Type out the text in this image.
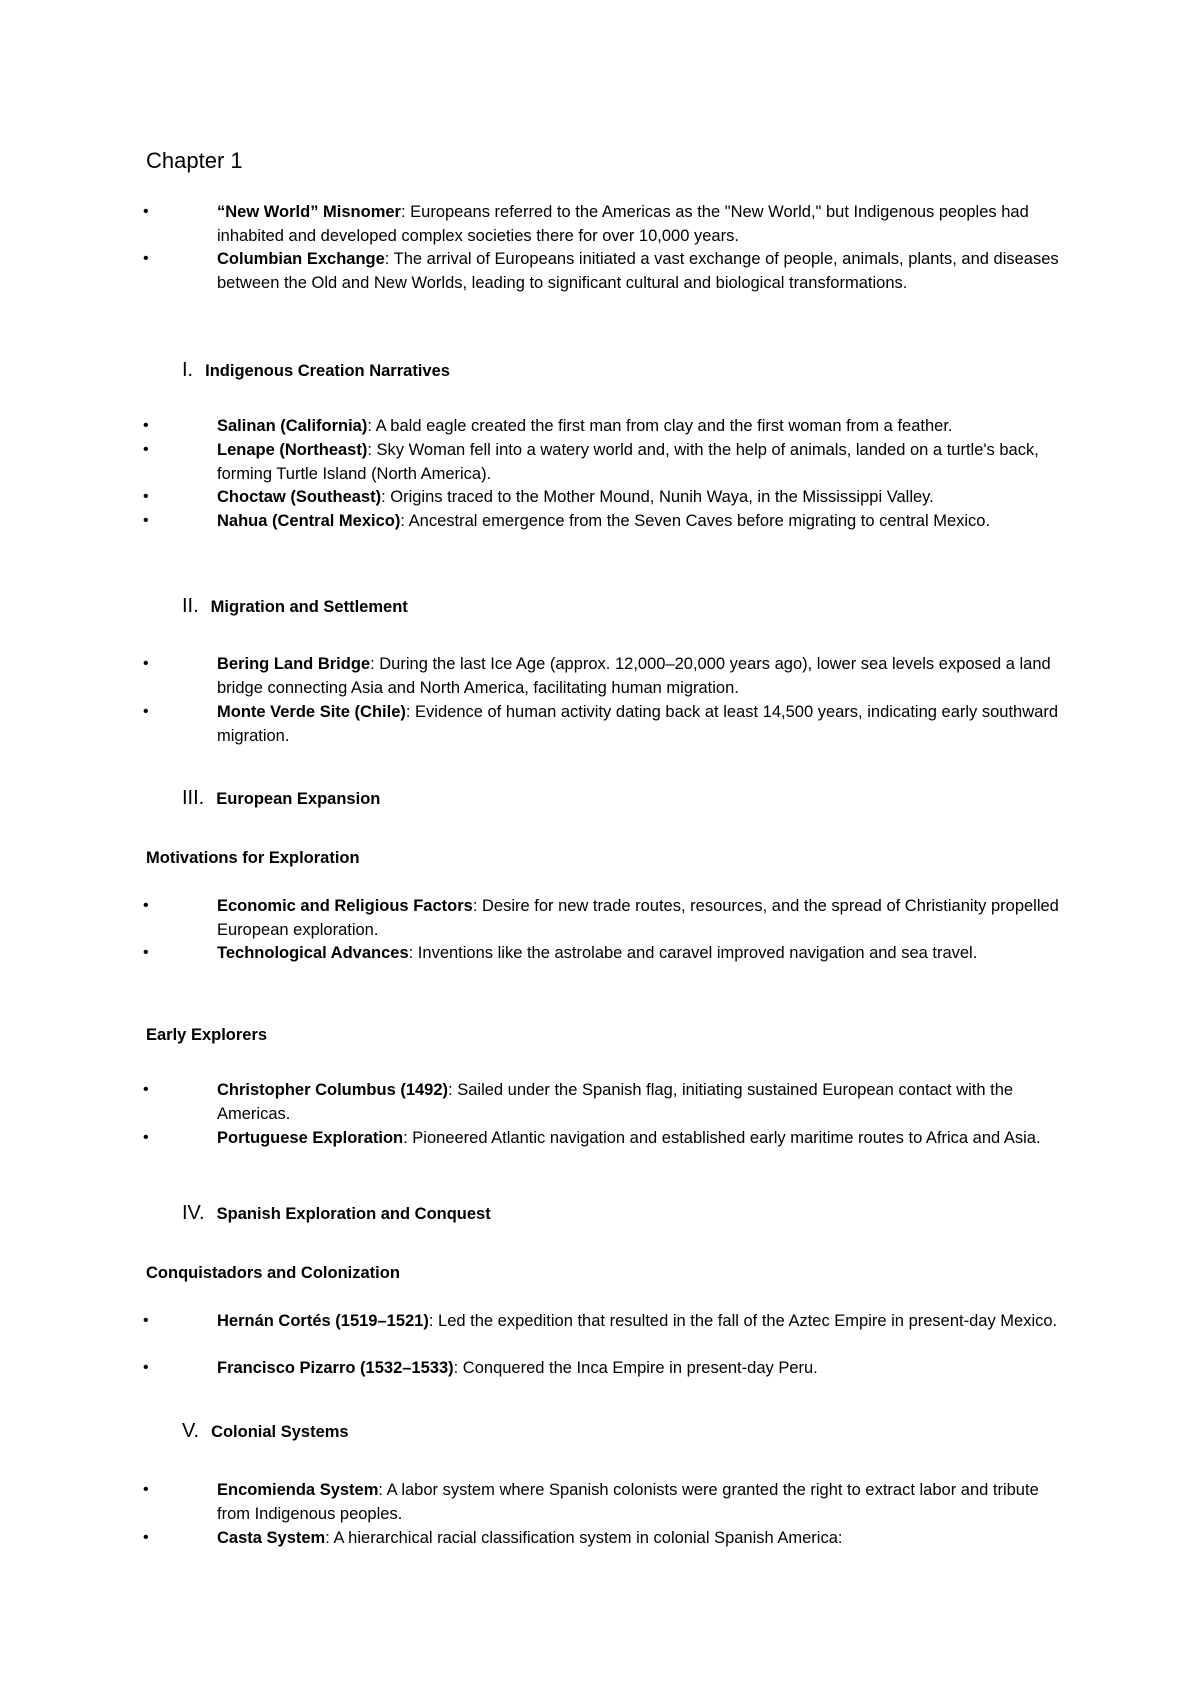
Chapter 1
•	“New World” Misnomer: Europeans referred to the Americas as the "New World," but Indigenous peoples had inhabited and developed complex societies there for over 10,000 years.
•	Columbian Exchange: The arrival of Europeans initiated a vast exchange of people, animals, plants, and diseases between the Old and New Worlds, leading to significant cultural and biological transformations.
I. Indigenous Creation Narratives
•	Salinan (California): A bald eagle created the first man from clay and the first woman from a feather.
•	Lenape (Northeast): Sky Woman fell into a watery world and, with the help of animals, landed on a turtle's back, forming Turtle Island (North America).
•	Choctaw (Southeast): Origins traced to the Mother Mound, Nunih Waya, in the Mississippi Valley.
•	Nahua (Central Mexico): Ancestral emergence from the Seven Caves before migrating to central Mexico.
II. Migration and Settlement
•	Bering Land Bridge: During the last Ice Age (approx. 12,000–20,000 years ago), lower sea levels exposed a land bridge connecting Asia and North America, facilitating human migration.
•	Monte Verde Site (Chile): Evidence of human activity dating back at least 14,500 years, indicating early southward migration.
III. European Expansion
Motivations for Exploration
•	Economic and Religious Factors: Desire for new trade routes, resources, and the spread of Christianity propelled European exploration.
•	Technological Advances: Inventions like the astrolabe and caravel improved navigation and sea travel.
Early Explorers
•	Christopher Columbus (1492): Sailed under the Spanish flag, initiating sustained European contact with the Americas.
•	Portuguese Exploration: Pioneered Atlantic navigation and established early maritime routes to Africa and Asia.
IV. Spanish Exploration and Conquest
Conquistadors and Colonization
•	Hernán Cortés (1519–1521): Led the expedition that resulted in the fall of the Aztec Empire in present-day Mexico.
•	Francisco Pizarro (1532–1533): Conquered the Inca Empire in present-day Peru.
V. Colonial Systems
•	Encomienda System: A labor system where Spanish colonists were granted the right to extract labor and tribute from Indigenous peoples.
•	Casta System: A hierarchical racial classification system in colonial Spanish America:
